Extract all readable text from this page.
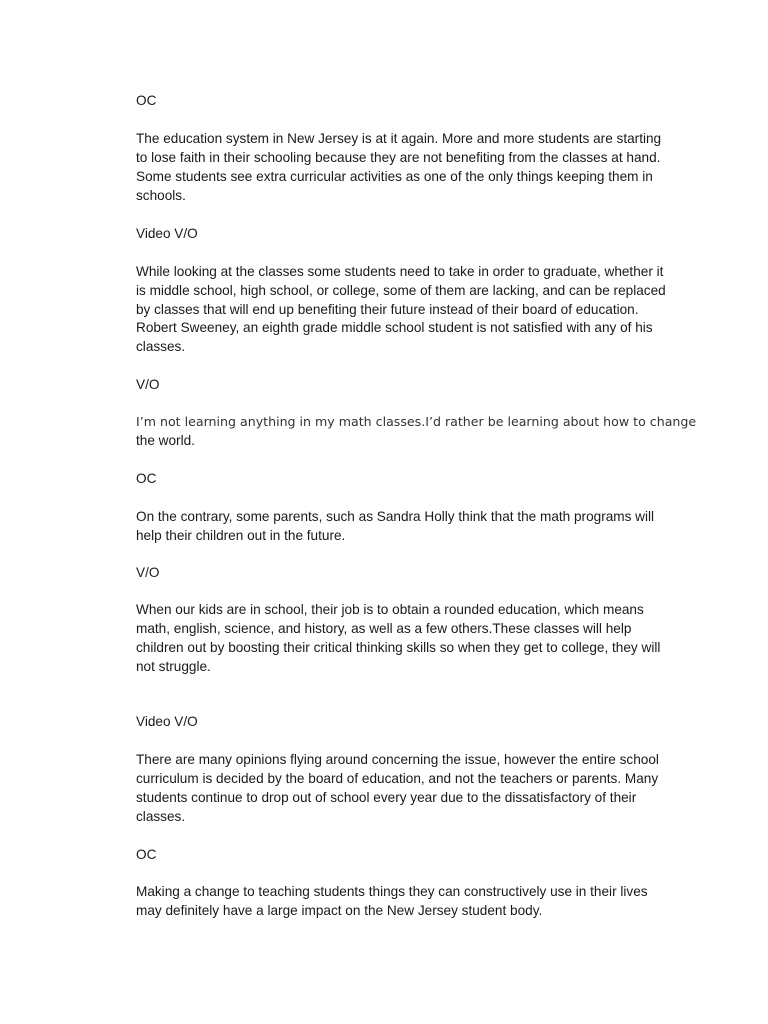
OC

The education system in New Jersey is at it again. More and more students are starting

to lose faith in their schooling because they are not benefiting from the classes at hand.

Some students see extra curricular activities as one of the only things keeping them in

schools.

Video V/O

While looking at the classes some students need to take in order to graduate, whether it

is middle school, high school, or college, some of them are lacking, and can be replaced

by classes that will end up benefiting their future instead of their board of education.

Robert Sweeney, an eighth grade middle school student is not satisfied with any of his

classes.

V/O

I’m not learning anything in my math classes.I’d rather be learning about how to change

the world.

OC

On the contrary, some parents, such as Sandra Holly think that the math programs will

help their children out in the future.

V/O

When our kids are in school, their job is to obtain a rounded education, which means

math, english, science, and history, as well as a few others.These classes will help

children out by boosting their critical thinking skills so when they get to college, they will

not struggle.

Video V/O

There are many opinions flying around concerning the issue, however the entire school

curriculum is decided by the board of education, and not the teachers or parents. Many

students continue to drop out of school every year due to the dissatisfactory of their

classes.

OC

Making a change to teaching students things they can constructively use in their lives

may definitely have a large impact on the New Jersey student body.
